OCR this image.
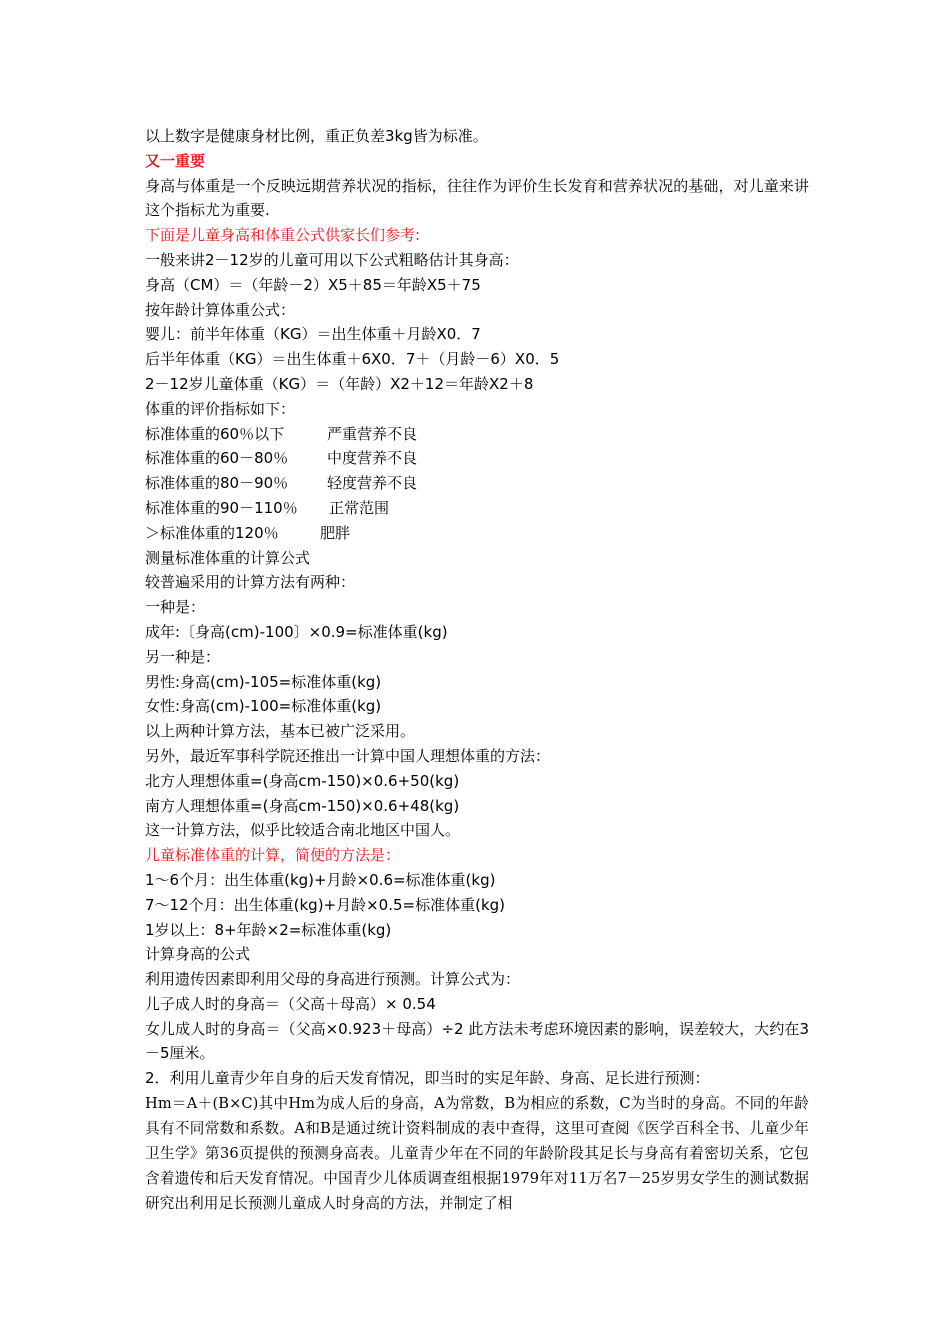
以上数字是健康身材比例，重正负差3kg皆为标准。
又一重要
身高与体重是一个反映远期营养状况的指标，往往作为评价生长发育和营养状况的基础，对儿童来讲这个指标尤为重要.
下面是儿童身高和体重公式供家长们参考:
一般来讲2－12岁的儿童可用以下公式粗略估计其身高：
身高（CM）＝（年龄－2）X5＋85＝年龄X5＋75
按年龄计算体重公式：
婴儿：前半年体重（KG）＝出生体重＋月龄X0．7
后半年体重（KG）＝出生体重＋6X0．7＋（月龄－6）X0．5
2－12岁儿童体重（KG）＝（年龄）X2＋12＝年龄X2＋8
体重的评价指标如下：
标准体重的60％以下	严重营养不良
标准体重的60－80％	中度营养不良
标准体重的80－90％	轻度营养不良
标准体重的90－110％ 正常范围
＞标准体重的120％	肥胖
测量标准体重的计算公式
较普遍采用的计算方法有两种：
一种是：
成年:〔身高(cm)-100〕×0.9=标准体重(kg)
另一种是：
男性:身高(cm)-105=标准体重(kg)
女性:身高(cm)-100=标准体重(kg)
以上两种计算方法，基本已被广泛采用。
另外，最近军事科学院还推出一计算中国人理想体重的方法：
北方人理想体重=(身高cm-150)×0.6+50(kg)
南方人理想体重=(身高cm-150)×0.6+48(kg)
这一计算方法，似乎比较适合南北地区中国人。
儿童标准体重的计算，简便的方法是：
1～6个月：出生体重(kg)+月龄×0.6=标准体重(kg)
7～12个月：出生体重(kg)+月龄×0.5=标准体重(kg)
1岁以上：8+年龄×2=标准体重(kg)
计算身高的公式
利用遗传因素即利用父母的身高进行预测。计算公式为：
儿子成人时的身高＝（父高＋母高）× 0.54
女儿成人时的身高＝（父高×0.923＋母高）÷2 此方法未考虑环境因素的影响，误差较大，大约在3－5厘米。
2．利用儿童青少年自身的后天发育情况，即当时的实足年龄、身高、足长进行预测：
Hm＝A＋(B×C)其中Hm为成人后的身高，A为常数，B为相应的系数，C为当时的身高。不同的年龄具有不同常数和系数。A和B是通过统计资料制成的表中查得，这里可查阅《医学百科全书、儿童少年卫生学》第36页提供的预测身高表。儿童青少年在不同的年龄阶段其足长与身高有着密切关系，它包含着遗传和后天发育情况。中国青少儿体质调查组根据1979年对11万名7－25岁男女学生的测试数据研究出利用足长预测儿童成人时身高的方法，并制定了相
